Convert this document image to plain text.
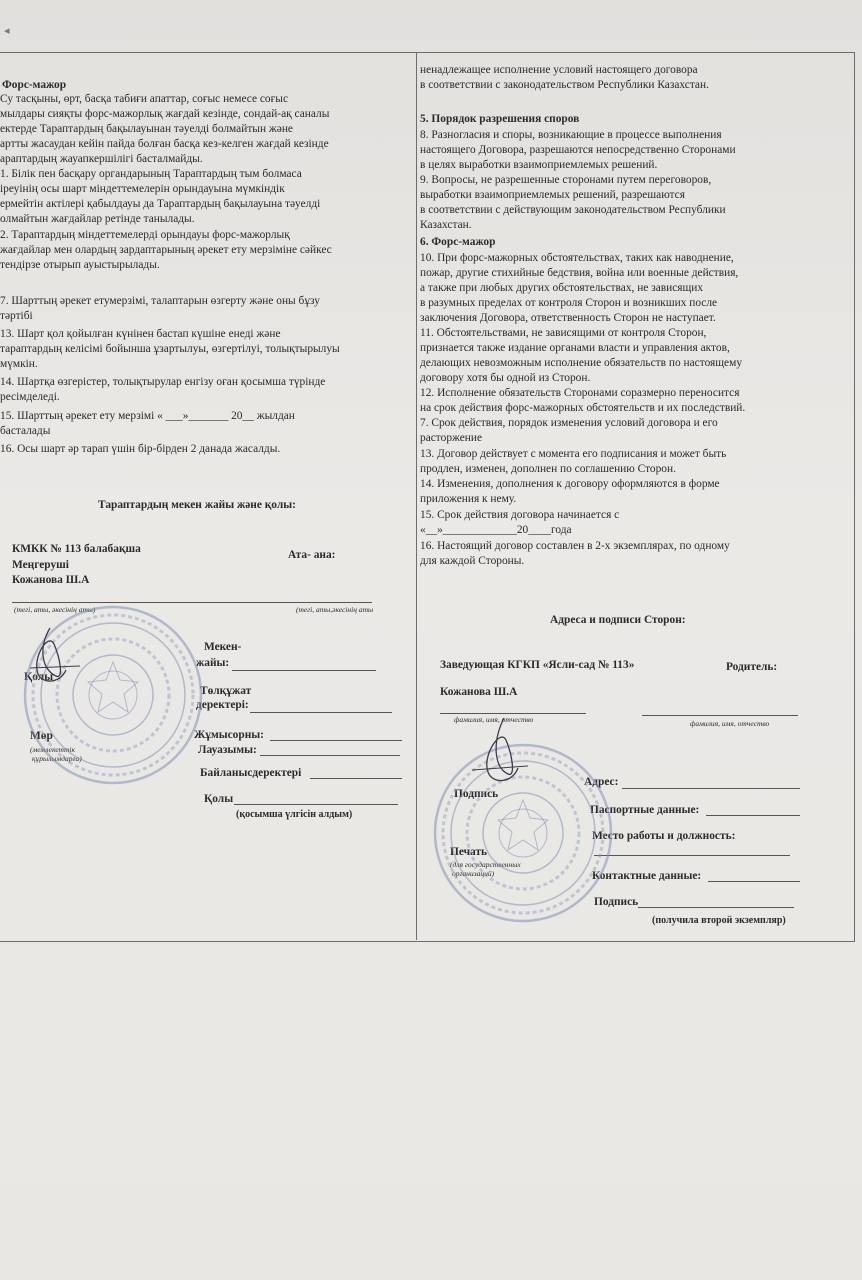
◂
Форс-мажор
Су тасқыны, өрт, басқа табиғи апаттар, соғыс немесе соғыс
мылдары сияқты форс-мажорлық жағдай кезінде, сондай-ақ саналы
ектерде Тараптардың бақылауынан тәуелді болмайтын және
артты жасаудан кейін пайда болған басқа кез-келген жағдай кезінде
араптардың жауапкершілігі басталмайды.
1. Білік пен басқару органдарының Тараптардың тым болмаса
іреуінің осы шарт міндеттемелерін орындауына мүмкіндік
ермейтін актілері қабылдауы да Тараптардың бақылауына тәуелді
олмайтын жағдайлар ретінде танылады.
2. Тараптардың міндеттемелерді орындауы форс-мажорлық
жағдайлар мен олардың зардаптарының әрекет ету мерзіміне сәйкес
тендірзе отырып ауыстырылады.
7. Шарттың әрекет етумерзімі, талаптарын өзгерту және оны бұзу
тәртібі
13. Шарт қол қойылған күнінен бастап күшіне енеді және
тараптардың келісімі бойынша ұзартылуы, өзгертілуі, толықтырылуы
мүмкін.
14. Шартқа өзгерістер, толықтырулар енгізу оған қосымша түрінде
ресімделеді.
15. Шарттың әрекет ету мерзімі « ___»_______ 20__ жылдан
басталады
16. Осы шарт әр тарап үшін бір-бірден 2 данада жасалды.
Тараптардың мекен жайы және қолы:
КМКК № 113 балабақша
Меңгеруші
Кожанова Ш.А
Ата- ана:
(тегі, аты, әкесінің аты)	(тегі, аты,әкесінің аты
Мекен-
жайы:
Қолы
Төлқұжат
деректері:
Жұмысорны:
Лауазымы:
Мөр
(мемлекеттік
құрылымдарға)
Байланысдеректері
Қолы
(қосымша үлгісін алдым)
ненадлежащее исполнение условий настоящего договора
в соответствии с законодательством Республики Казахстан.
5. Порядок разрешения споров
8. Разногласия и споры, возникающие в процессе выполнения
настоящего Договора, разрешаются непосредственно Сторонами
в целях выработки взаимоприемлемых решений.
9. Вопросы, не разрешенные сторонами путем переговоров,
выработки взаимоприемлемых решений, разрешаются
в соответствии с действующим законодательством Республики
Казахстан.
6. Форс-мажор
10. При форс-мажорных обстоятельствах, таких как наводнение,
пожар, другие стихийные бедствия, война или военные действия,
а также при любых других обстоятельствах, не зависящих
в разумных пределах от контроля Сторон и возникших после
заключения Договора, ответственность Сторон не наступает.
11. Обстоятельствами, не зависящими от контроля Сторон,
признается также издание органами власти и управления актов,
делающих невозможным исполнение обязательств по настоящему
договору хотя бы одной из Сторон.
12. Исполнение обязательств Сторонами соразмерно переносится
на срок действия форс-мажорных обстоятельств и их последствий.
7. Срок действия, порядок изменения условий договора и его
расторжение
13. Договор действует с момента его подписания и может быть
продлен, изменен, дополнен по соглашению Сторон.
14. Изменения, дополнения к договору оформляются в форме
приложения к нему.
15. Срок действия договора начинается с
«__»_____________20____года
16. Настоящий договор составлен в 2-х экземплярах, по одному
для каждой Стороны.
Адреса и подписи Сторон:
Заведующая КГКП «Ясли-сад № 113»	Родитель:
Кожанова Ш.А
фамилия, имя, отчество	фамилия, имя, отчество
Адрес:
Подпись
Паспортные данные:
Место работы и должность:
Печать
(для государственных
организаций)	Контактные данные:
Подпись
(получила второй экземпляр)
